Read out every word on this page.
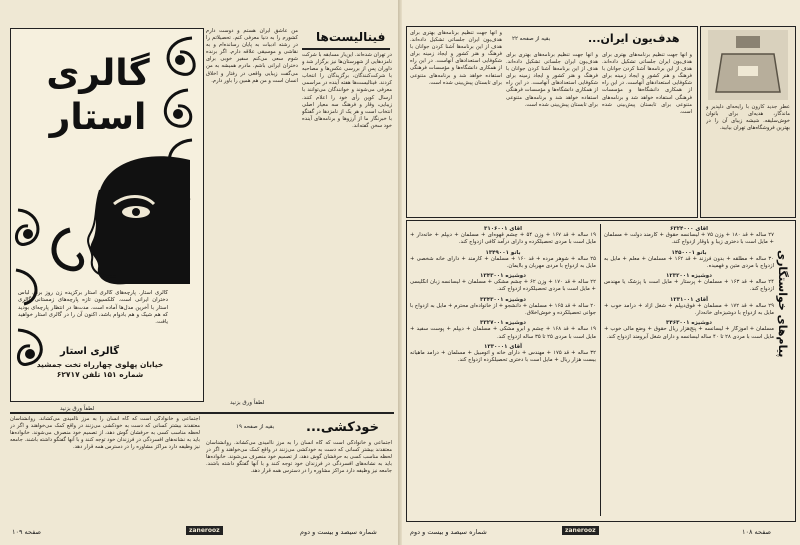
گالری استار
گالری استار. پارچه‌های گالری استار برگزیده زن روز برای لباس دختران ایرانی است. کلکسیون تازه پارچه‌های زمستانی گالری استار با آخرین مدل‌ها آماده است. مدت‌ها در انتظار پارچه‌ای بودید که هم شیک و هم بادوام باشد، اکنون آن را در گالری استار خواهید یافت.
گالری استار
خیابان پهلوی چهارراه تخت جمشید شماره ۱۵۱ تلفن ۶۲۷۱۷
لطفاً ورق بزنید
من عاشق ایران هستم و دوست دارم کشورم را به دنیا معرفی کنم. تحصیلاتم را در رشته ادبیات به پایان رسانده‌ام و به نقاشی و موسیقی علاقه دارم. اگر برنده شوم سعی می‌کنم سفیر خوبی برای دختران ایرانی باشم. مادرم همیشه به من می‌گفت زیبایی واقعی در رفتار و اخلاق انسان است و من هم همین را باور دارم.
فینالیست‌ها
در تهران شده‌اند. این‌بار مسابقه با شرکت نامزدهایی از شهرستان‌ها نیز برگزار شد و داوران پس از بررسی عکس‌ها و مصاحبه با شرکت‌کنندگان، برگزیدگان را انتخاب کردند. فینالیست‌ها هفته آینده در مراسمی معرفی می‌شوند و خوانندگان می‌توانند با ارسال کوپن رأی خود را اعلام کنند. زیبایی، وقار و فرهنگ سه معیار اصلی انتخاب است و هر یک از نامزدها در گفتگو با خبرنگار ما از آرزوها و برنامه‌های آینده خود سخن گفته‌اند.
لطفاً ورق بزنید
خودکشی...
بقیه از صفحه ۱۹
اجتماعی و خانوادگی است که گاه انسان را به مرز ناامیدی می‌کشاند. روانشناسان معتقدند بیشتر کسانی که دست به خودکشی می‌زنند در واقع کمک می‌خواهند و اگر در لحظه مناسب کسی به حرفشان گوش دهد، از تصمیم خود منصرف می‌شوند. خانواده‌ها باید به نشانه‌های افسردگی در فرزندان خود توجه کنند و با آنها گفتگو داشته باشند. جامعه نیز وظیفه دارد مراکز مشاوره را در دسترس همه قرار دهد.
اجتماعی و خانوادگی است که گاه انسان را به مرز ناامیدی می‌کشاند. روانشناسان معتقدند بیشتر کسانی که دست به خودکشی می‌زنند در واقع کمک می‌خواهند و اگر در لحظه مناسب کسی به حرفشان گوش دهد، از تصمیم خود منصرف می‌شوند. خانواده‌ها باید به نشانه‌های افسردگی در فرزندان خود توجه کنند و با آنها گفتگو داشته باشند. جامعه نیز وظیفه دارد مراکز مشاوره را در دسترس همه قرار دهد.
صفحه ۱۰۹	zanerooz	شماره سیصد و بیست و دوم
هدف‌یون ایران...
بقیه از صفحه ۲۲
و آنها جهت تنظیم برنامه‌های بهتری برای هدف‌یون ایران جلساتی تشکیل داده‌اند. هدف از این برنامه‌ها آشنا کردن جوانان با فرهنگ و هنر کشور و ایجاد زمینه برای شکوفایی استعدادهای آنهاست. در این راه از همکاری دانشگاه‌ها و مؤسسات فرهنگی استفاده خواهد شد و برنامه‌های متنوعی برای تابستان پیش‌بینی شده است.
و آنها جهت تنظیم برنامه‌های بهتری برای هدف‌یون ایران جلساتی تشکیل داده‌اند. هدف از این برنامه‌ها آشنا کردن جوانان با فرهنگ و هنر کشور و ایجاد زمینه برای شکوفایی استعدادهای آنهاست. در این راه از همکاری دانشگاه‌ها و مؤسسات فرهنگی استفاده خواهد شد و برنامه‌های متنوعی برای تابستان پیش‌بینی شده است.
و آنها جهت تنظیم برنامه‌های بهتری برای هدف‌یون ایران جلساتی تشکیل داده‌اند. هدف از این برنامه‌ها آشنا کردن جوانان با فرهنگ و هنر کشور و ایجاد زمینه برای شکوفایی استعدادهای آنهاست. در این راه از همکاری دانشگاه‌ها و مؤسسات فرهنگی استفاده خواهد شد و برنامه‌های متنوعی برای تابستان پیش‌بینی شده است.
عطر جدید کارون با رایحه‌ای دلپذیر و ماندگار، هدیه‌ای برای بانوان خوش‌سلیقه. شیشه زیبای آن را در بهترین فروشگاه‌های تهران بیابید.
پیام‌های خواستگاری
آقای ۶۳۲۴۰۰۰
۲۷ ساله + قد ۱۸۰ + وزن ۷۵ + لیسانسه حقوق + کارمند دولت + مسلمان + مایل است با دختری زیبا و باوقار ازدواج کند.
بانو ۱۴۵۰۰۰۱
۳۰ ساله + مطلقه + بدون فرزند + قد ۱۶۲ + مسلمان + معلم + مایل به ازدواج با مردی متین و فهمیده.
دوشیزه ۱۲۳۲۰۰۱
۲۴ ساله + قد ۱۶۳ + مسلمان + پرستار + مایل است با پزشک یا مهندس ازدواج کند.
آقای ۱۲۳۱۰۰۱
۲۹ ساله + قد ۱۷۲ + مسلمان + فوق‌دیپلم + شغل آزاد + درآمد خوب + مایل به ازدواج با دوشیزه‌ای خانه‌دار.
دوشیزه ۳۴۶۳۰۰۱
مسلمان + آموزگار + لیسانسه + پنج‌هزار ریال حقوق + وضع مالی خوب + مایل است با مردی ۲۸ تا ۴۰ ساله لیسانسه و دارای شغل آبرومند ازدواج کند.
آقای ۳۱۰۶۰۰۱
۱۹ ساله + قد ۱۶۷ + وزن ۵۴ + چشم قهوه‌ای + مسلمان + دیپلم + خانه‌دار + مایل است با مردی تحصیلکرده و دارای درآمد کافی ازدواج کند.
بانو ۱۳۴۹۰۰۱
۲۵ ساله + شوهر مرده + قد ۱۶۰ + مسلمان + کارمند + دارای خانه شخصی + مایل به ازدواج با مردی مهربان و باایمان.
دوشیزه ۱۳۴۳۰۰۱
۲۲ ساله + قد ۱۷۰ + وزن ۶۲ + چشم مشکی + مسلمان + لیسانسه زبان انگلیسی + مایل است با مردی تحصیلکرده ازدواج کند.
دوشیزه ۳۳۴۳۰۰۱
۲۰ ساله + قد ۱۶۵ + مسلمان + دانشجو + از خانواده‌ای محترم + مایل به ازدواج با جوانی تحصیلکرده و خوش‌اخلاق.
دوشیزه ۳۳۲۷۰۰۱
۱۹ ساله + قد ۱۶۸ + چشم و ابرو مشکی + مسلمان + دیپلم + پوست سفید + مایل است با مردی ۲۵ تا ۳۵ ساله ازدواج کند.
آقای ۱۳۳۰۰۰۱
۳۲ ساله + قد ۱۷۵ + مهندس + دارای خانه و اتومبیل + مسلمان + درآمد ماهیانه بیست هزار ریال + مایل است با دختری تحصیلکرده ازدواج کند.
شماره سیصد و بیست و دوم	zanerooz	صفحه ۱۰۸
